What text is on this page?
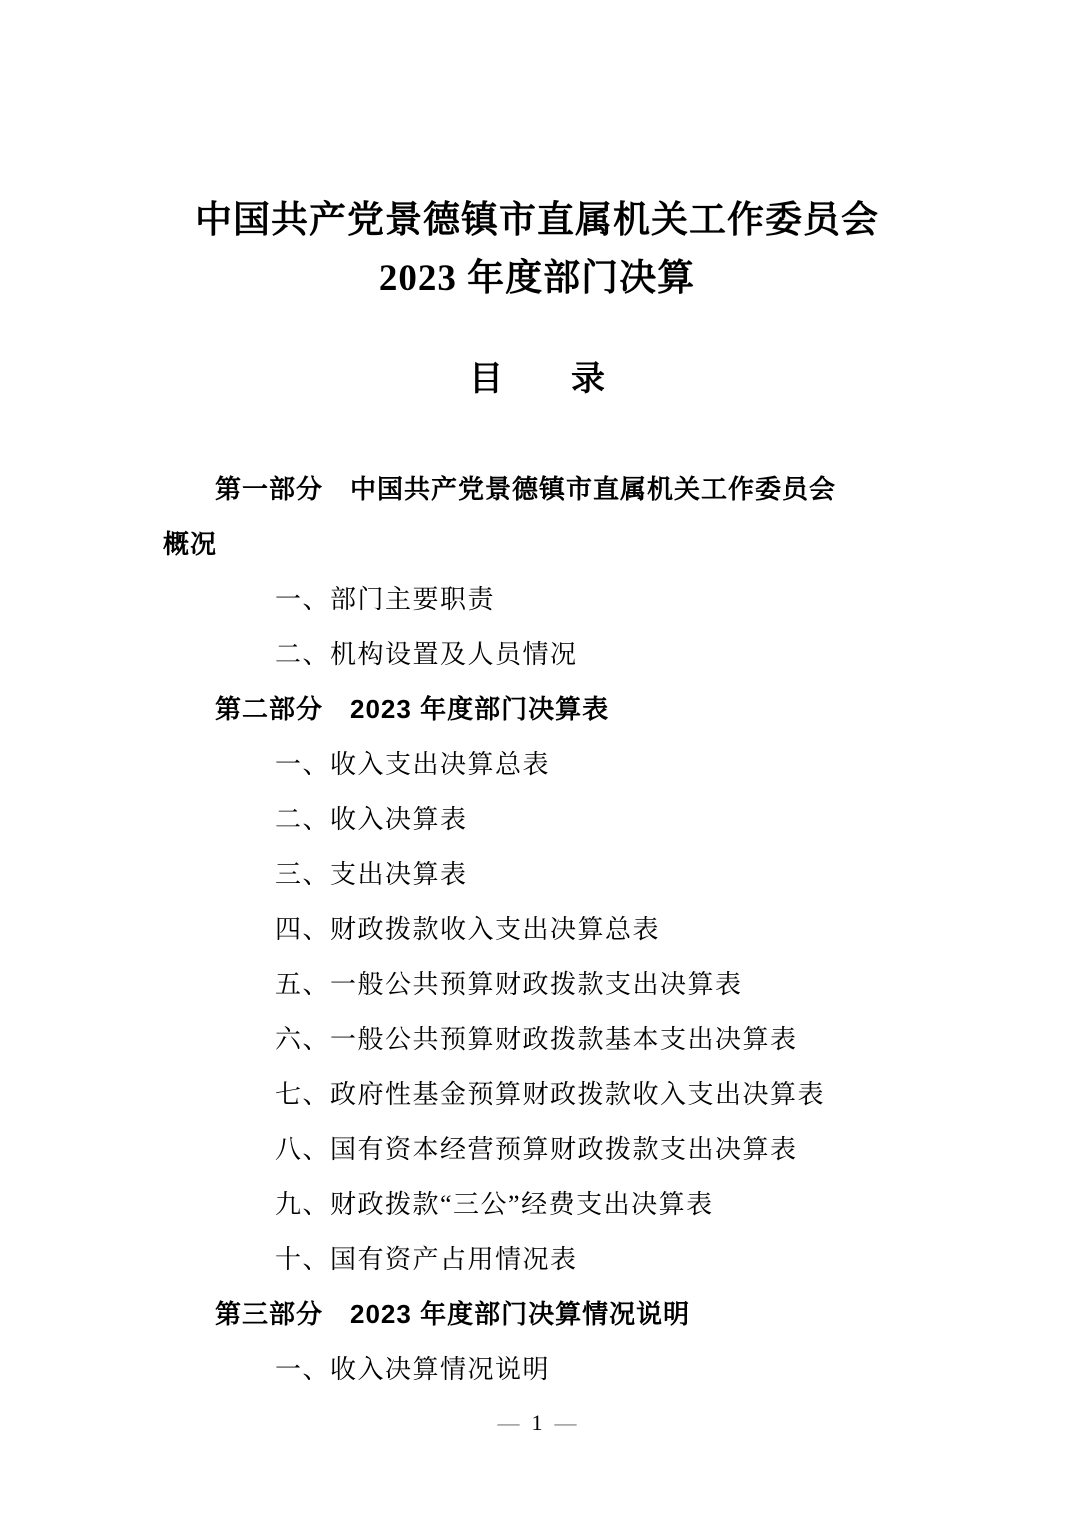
中国共产党景德镇市直属机关工作委员会
2023 年度部门决算
目　　录
第一部分　中国共产党景德镇市直属机关工作委员会
概况
一、部门主要职责
二、机构设置及人员情况
第二部分　2023 年度部门决算表
一、收入支出决算总表
二、收入决算表
三、支出决算表
四、财政拨款收入支出决算总表
五、一般公共预算财政拨款支出决算表
六、一般公共预算财政拨款基本支出决算表
七、政府性基金预算财政拨款收入支出决算表
八、国有资本经营预算财政拨款支出决算表
九、财政拨款“三公”经费支出决算表
十、国有资产占用情况表
第三部分　2023 年度部门决算情况说明
一、收入决算情况说明
— 1 —
